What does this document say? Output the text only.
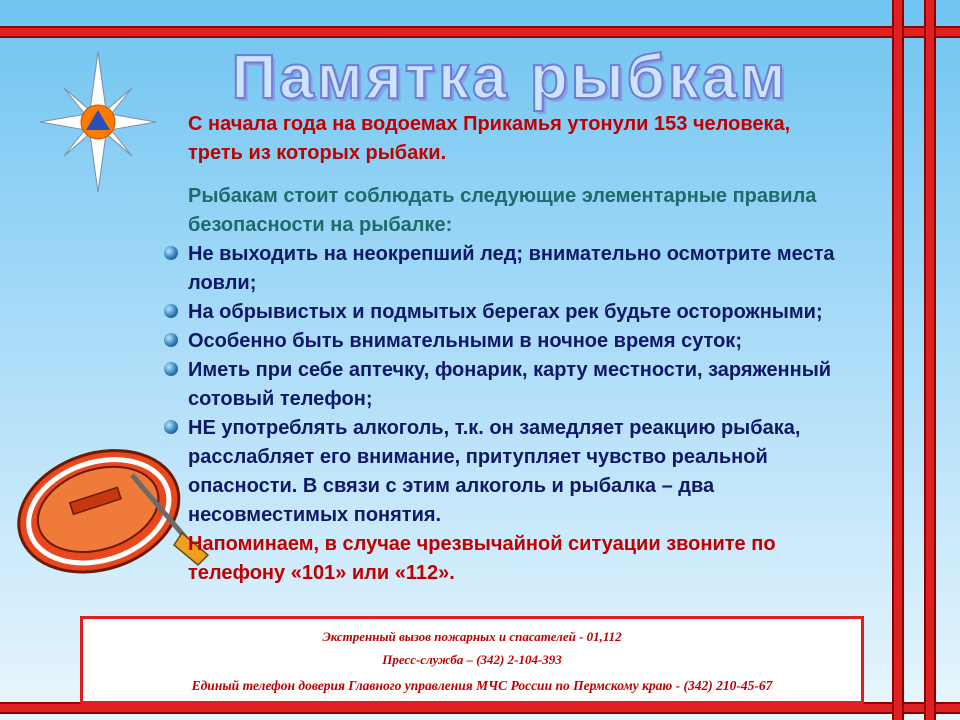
Памятка рыбкам

С начала года на водоемах Прикамья утонули 153 человека, треть из которых рыбаки.

Рыбакам стоит соблюдать следующие элементарные правила безопасности на рыбалке:

Не выходить на неокрепший лед; внимательно осмотрите места ловли;
На обрывистых и подмытых берегах рек будьте осторожными;
Особенно быть внимательными в ночное время суток;
Иметь при себе аптечку, фонарик, карту местности, заряженный сотовый телефон;
НЕ употреблять алкоголь, т.к. он замедляет реакцию рыбака, расслабляет его внимание, притупляет чувство реальной опасности. В связи с этим алкоголь и рыбалка – два несовместимых понятия.

Напоминаем, в случае чрезвычайной ситуации звоните по телефону «101» или «112».

Экстренный вызов пожарных и спасателей - 01,112
Пресс-служба – (342) 2-104-393
Единый телефон доверия Главного управления МЧС России по Пермскому краю - (342) 210-45-67
